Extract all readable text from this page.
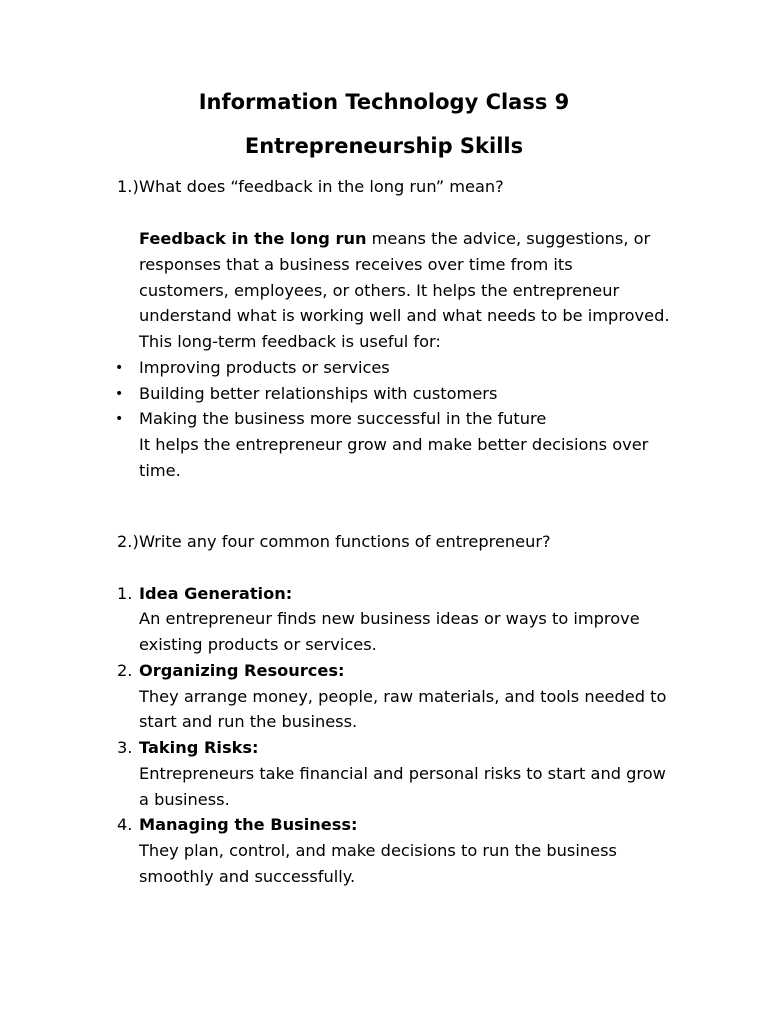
Information Technology Class 9
Entrepreneurship Skills
1.) What does “feedback in the long run” mean?

Feedback in the long run means the advice, suggestions, or

responses that a business receives over time from its

customers, employees, or others. It helps the entrepreneur

understand what is working well and what needs to be improved.

This long-term feedback is useful for:

• Improving products or services
• Building better relationships with customers
• Making the business more successful in the future

It helps the entrepreneur grow and make better decisions over

time.

2.) Write any four common functions of entrepreneur?
1. Idea Generation:

An entrepreneur finds new business ideas or ways to improve

existing products or services.

2. Organizing Resources:

They arrange money, people, raw materials, and tools needed to

start and run the business.

3. Taking Risks:

Entrepreneurs take financial and personal risks to start and grow

a business.

4. Managing the Business:

They plan, control, and make decisions to run the business

smoothly and successfully.
